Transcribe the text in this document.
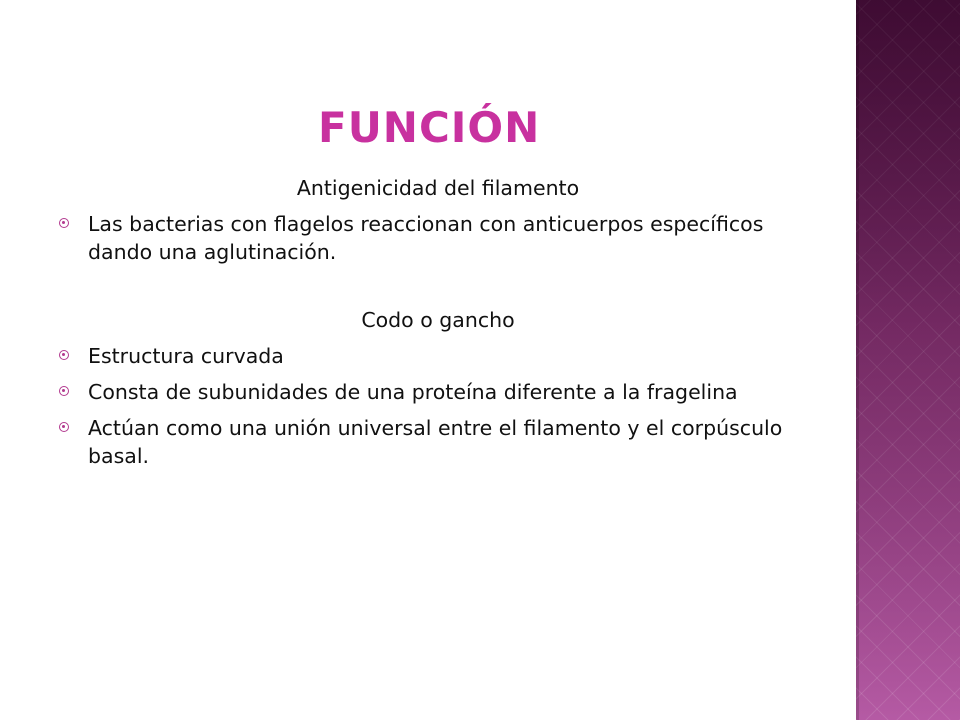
FUNCIÓN

Antigenicidad del filamento

Las bacterias con flagelos reaccionan con anticuerpos específicos dando una aglutinación.

Codo o gancho

Estructura curvada
Consta de subunidades de una proteína diferente a la fragelina
Actúan como una unión universal entre el filamento y el corpúsculo basal.
